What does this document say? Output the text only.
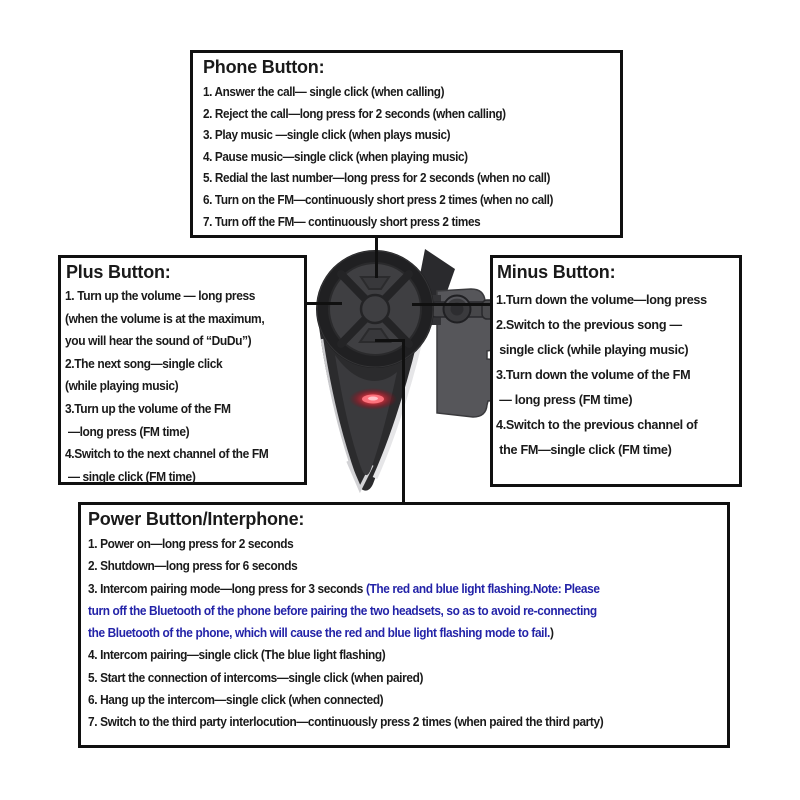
Phone Button:
1. Answer the call— single click (when calling)
2. Reject the call—long press for 2 seconds (when calling)
3. Play music —single click (when plays music)
4. Pause music—single click (when playing music)
5. Redial the last number—long press for 2 seconds (when no call)
6. Turn on the FM—continuously short press 2 times (when no call)
7. Turn off the FM— continuously short press 2 times
Plus Button:
1. Turn up the volume — long press
(when the volume is at the maximum,
you will hear the sound of “DuDu”)
2.The next song—single click
(while playing music)
3.Turn up the volume of the FM
—long press (FM time)
4.Switch to the next channel of the FM
— single click (FM time)
Minus Button:
1.Turn down the volume—long press
2.Switch to the previous song —
single click (while playing music)
3.Turn down the volume of the FM
— long press (FM time)
4.Switch to the previous channel of
the FM—single click (FM time)
Power Button/Interphone:
1. Power on—long press for 2 seconds
2. Shutdown—long press for 6 seconds
3. Intercom pairing mode—long press for 3 seconds (The red and blue light flashing.Note: Please
turn off the Bluetooth of the phone before pairing the two headsets, so as to avoid re-connecting
the Bluetooth of the phone, which will cause the red and blue light flashing mode to fail.)
4. Intercom pairing—single click (The blue light flashing)
5. Start the connection of intercoms—single click (when paired)
6. Hang up the intercom—single click (when connected)
7. Switch to the third party interlocution—continuously press 2 times (when paired the third party)
